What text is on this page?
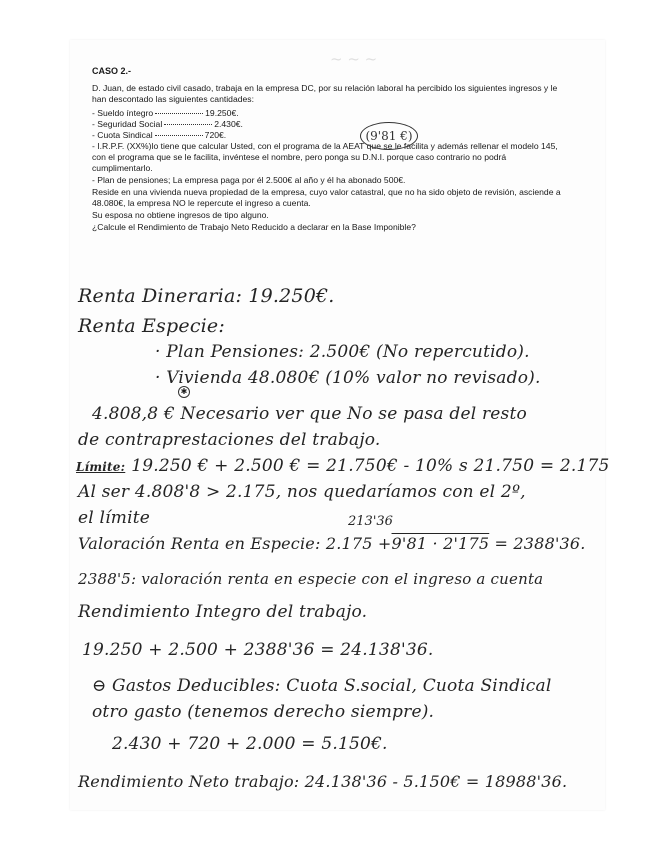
~ ~ ~
CASO 2.-
D. Juan, de estado civil casado, trabaja en la empresa DC, por su relación laboral ha percibido los siguientes ingresos y le han descontado las siguientes cantidades:
- Sueldo íntegro	19.250€.
- Seguridad Social	2.430€.
- Cuota Sindical	720€.
- I.R.P.F. (XX%)lo tiene que calcular Usted, con el programa de la AEAT que se le facilita y además rellenar el modelo 145, con el programa que se le facilita, invéntese el nombre, pero ponga su D.N.I. porque caso contrario no podrá cumplimentarlo.
- Plan de pensiones; La empresa paga por él 2.500€ al año y él ha abonado 500€.
Reside en una vivienda nueva propiedad de la empresa, cuyo valor catastral, que no ha sido objeto de revisión, asciende a 48.080€, la empresa NO le repercute el ingreso a cuenta.
Su esposa no obtiene ingresos de tipo alguno.
¿Calcule el Rendimiento de Trabajo Neto Reducido a declarar en la Base Imponible?
(9'81 €)
Renta Dineraria: 19.250€.
Renta Especie:
· Plan Pensiones: 2.500€ (No repercutido).
· Vivienda 48.080€ (10% valor no revisado).
✱
4.808,8 € Necesario ver que No se pasa del resto
de contraprestaciones del trabajo.
Límite: 19.250 € + 2.500 € = 21.750€ - 10% s 21.750 = 2.175
Al ser 4.808'8 > 2.175, nos quedaríamos con el 2º,
el límite	213'36
Valoración Renta en Especie: 2.175 +9'81 · 2'175 = 2388'36.
2388'5: valoración renta en especie con el ingreso a cuenta
Rendimiento Integro del trabajo.
19.250 + 2.500 + 2388'36 = 24.138'36.
⊖ Gastos Deducibles: Cuota S.social, Cuota Sindical
otro gasto (tenemos derecho siempre).
2.430 + 720 + 2.000 = 5.150€.
Rendimiento Neto trabajo: 24.138'36 - 5.150€ = 18988'36.
